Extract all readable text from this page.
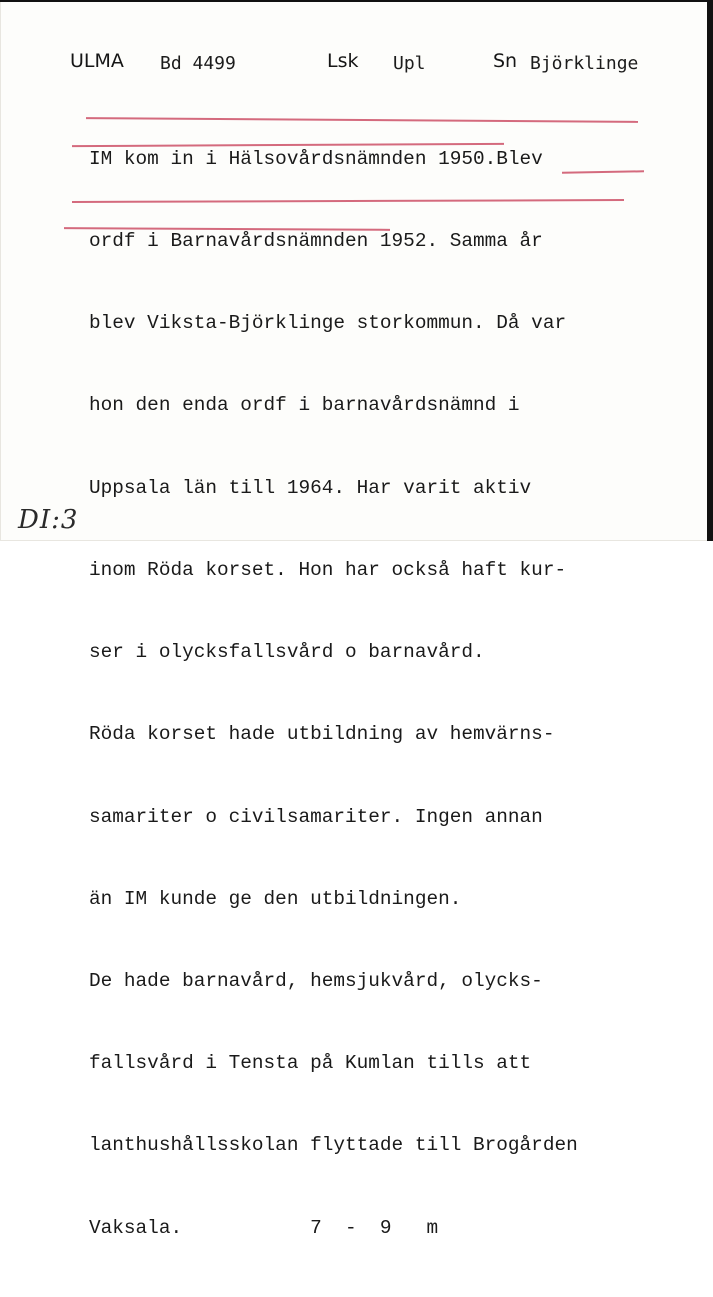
ULMA Bd 4499	Lsk Upl	Sn Björklinge

IM kom in i Hälsovårdsnämnden 1950.Blev

ordf i Barnavårdsnämnden 1952. Samma år

blev Viksta-Björklinge storkommun. Då var

hon den enda ordf i barnavårdsnämnd i

Uppsala län till 1964. Har varit aktiv

inom Röda korset. Hon har också haft kur-

ser i olycksfallsvård o barnavård.

Röda korset hade utbildning av hemvärns-

samariter o civilsamariter. Ingen annan

än IM kunde ge den utbildningen.

De hade barnavård, hemsjukvård, olycks-

fallsvård i Tensta på Kumlan tills att

lanthushållsskolan flyttade till Brogården

Vaksala.           7  -  9   m

DI:3
